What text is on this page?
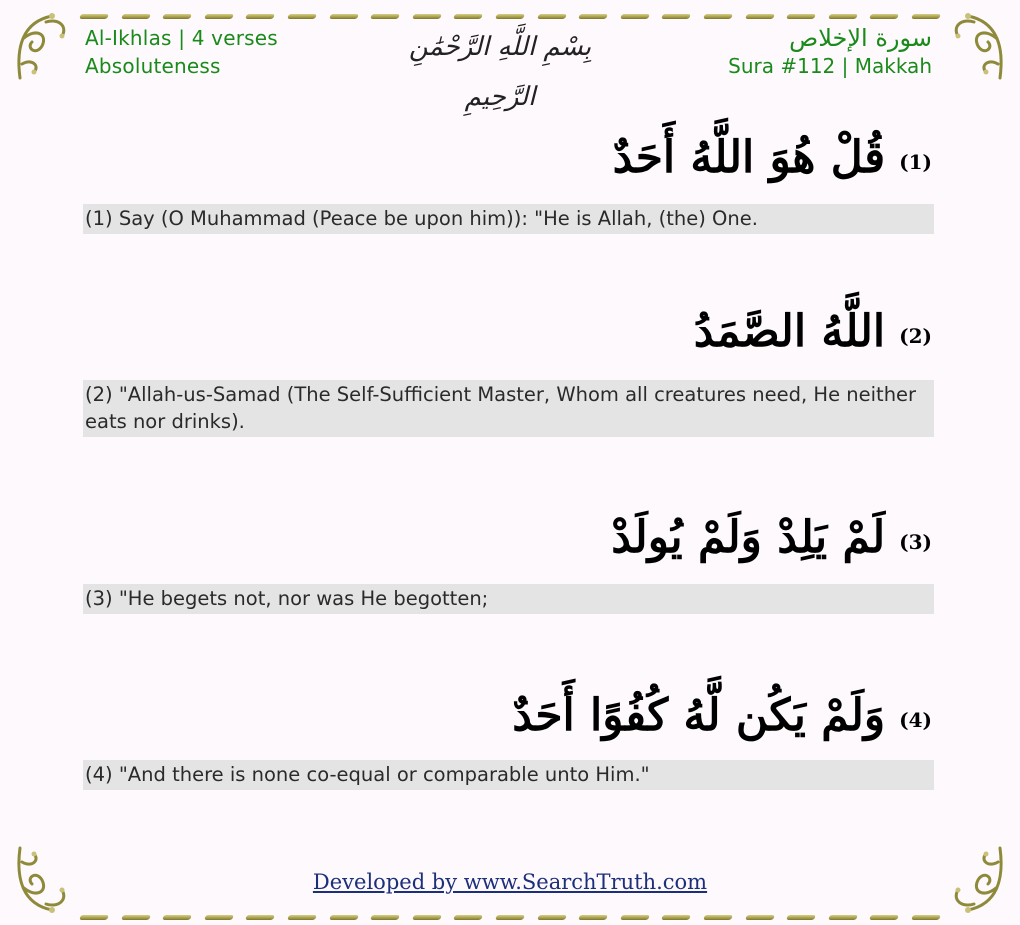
Al-Ikhlas | 4 verses
Absoluteness
بِسْمِ اللَّهِ الرَّحْمَٰنِ الرَّحِيمِ
سورة الإخلاص
Sura #112 | Makkah
قُلْ هُوَ اللَّهُ أَحَدٌ (1)
(1) Say (O Muhammad (Peace be upon him)): "He is Allah, (the) One.
اللَّهُ الصَّمَدُ (2)
(2) "Allah-us-Samad (The Self-Sufficient Master, Whom all creatures need, He neither eats nor drinks).
لَمْ يَلِدْ وَلَمْ يُولَدْ (3)
(3) "He begets not, nor was He begotten;
وَلَمْ يَكُن لَّهُ كُفُوًا أَحَدٌ (4)
(4) "And there is none co-equal or comparable unto Him."
Developed by www.SearchTruth.com
